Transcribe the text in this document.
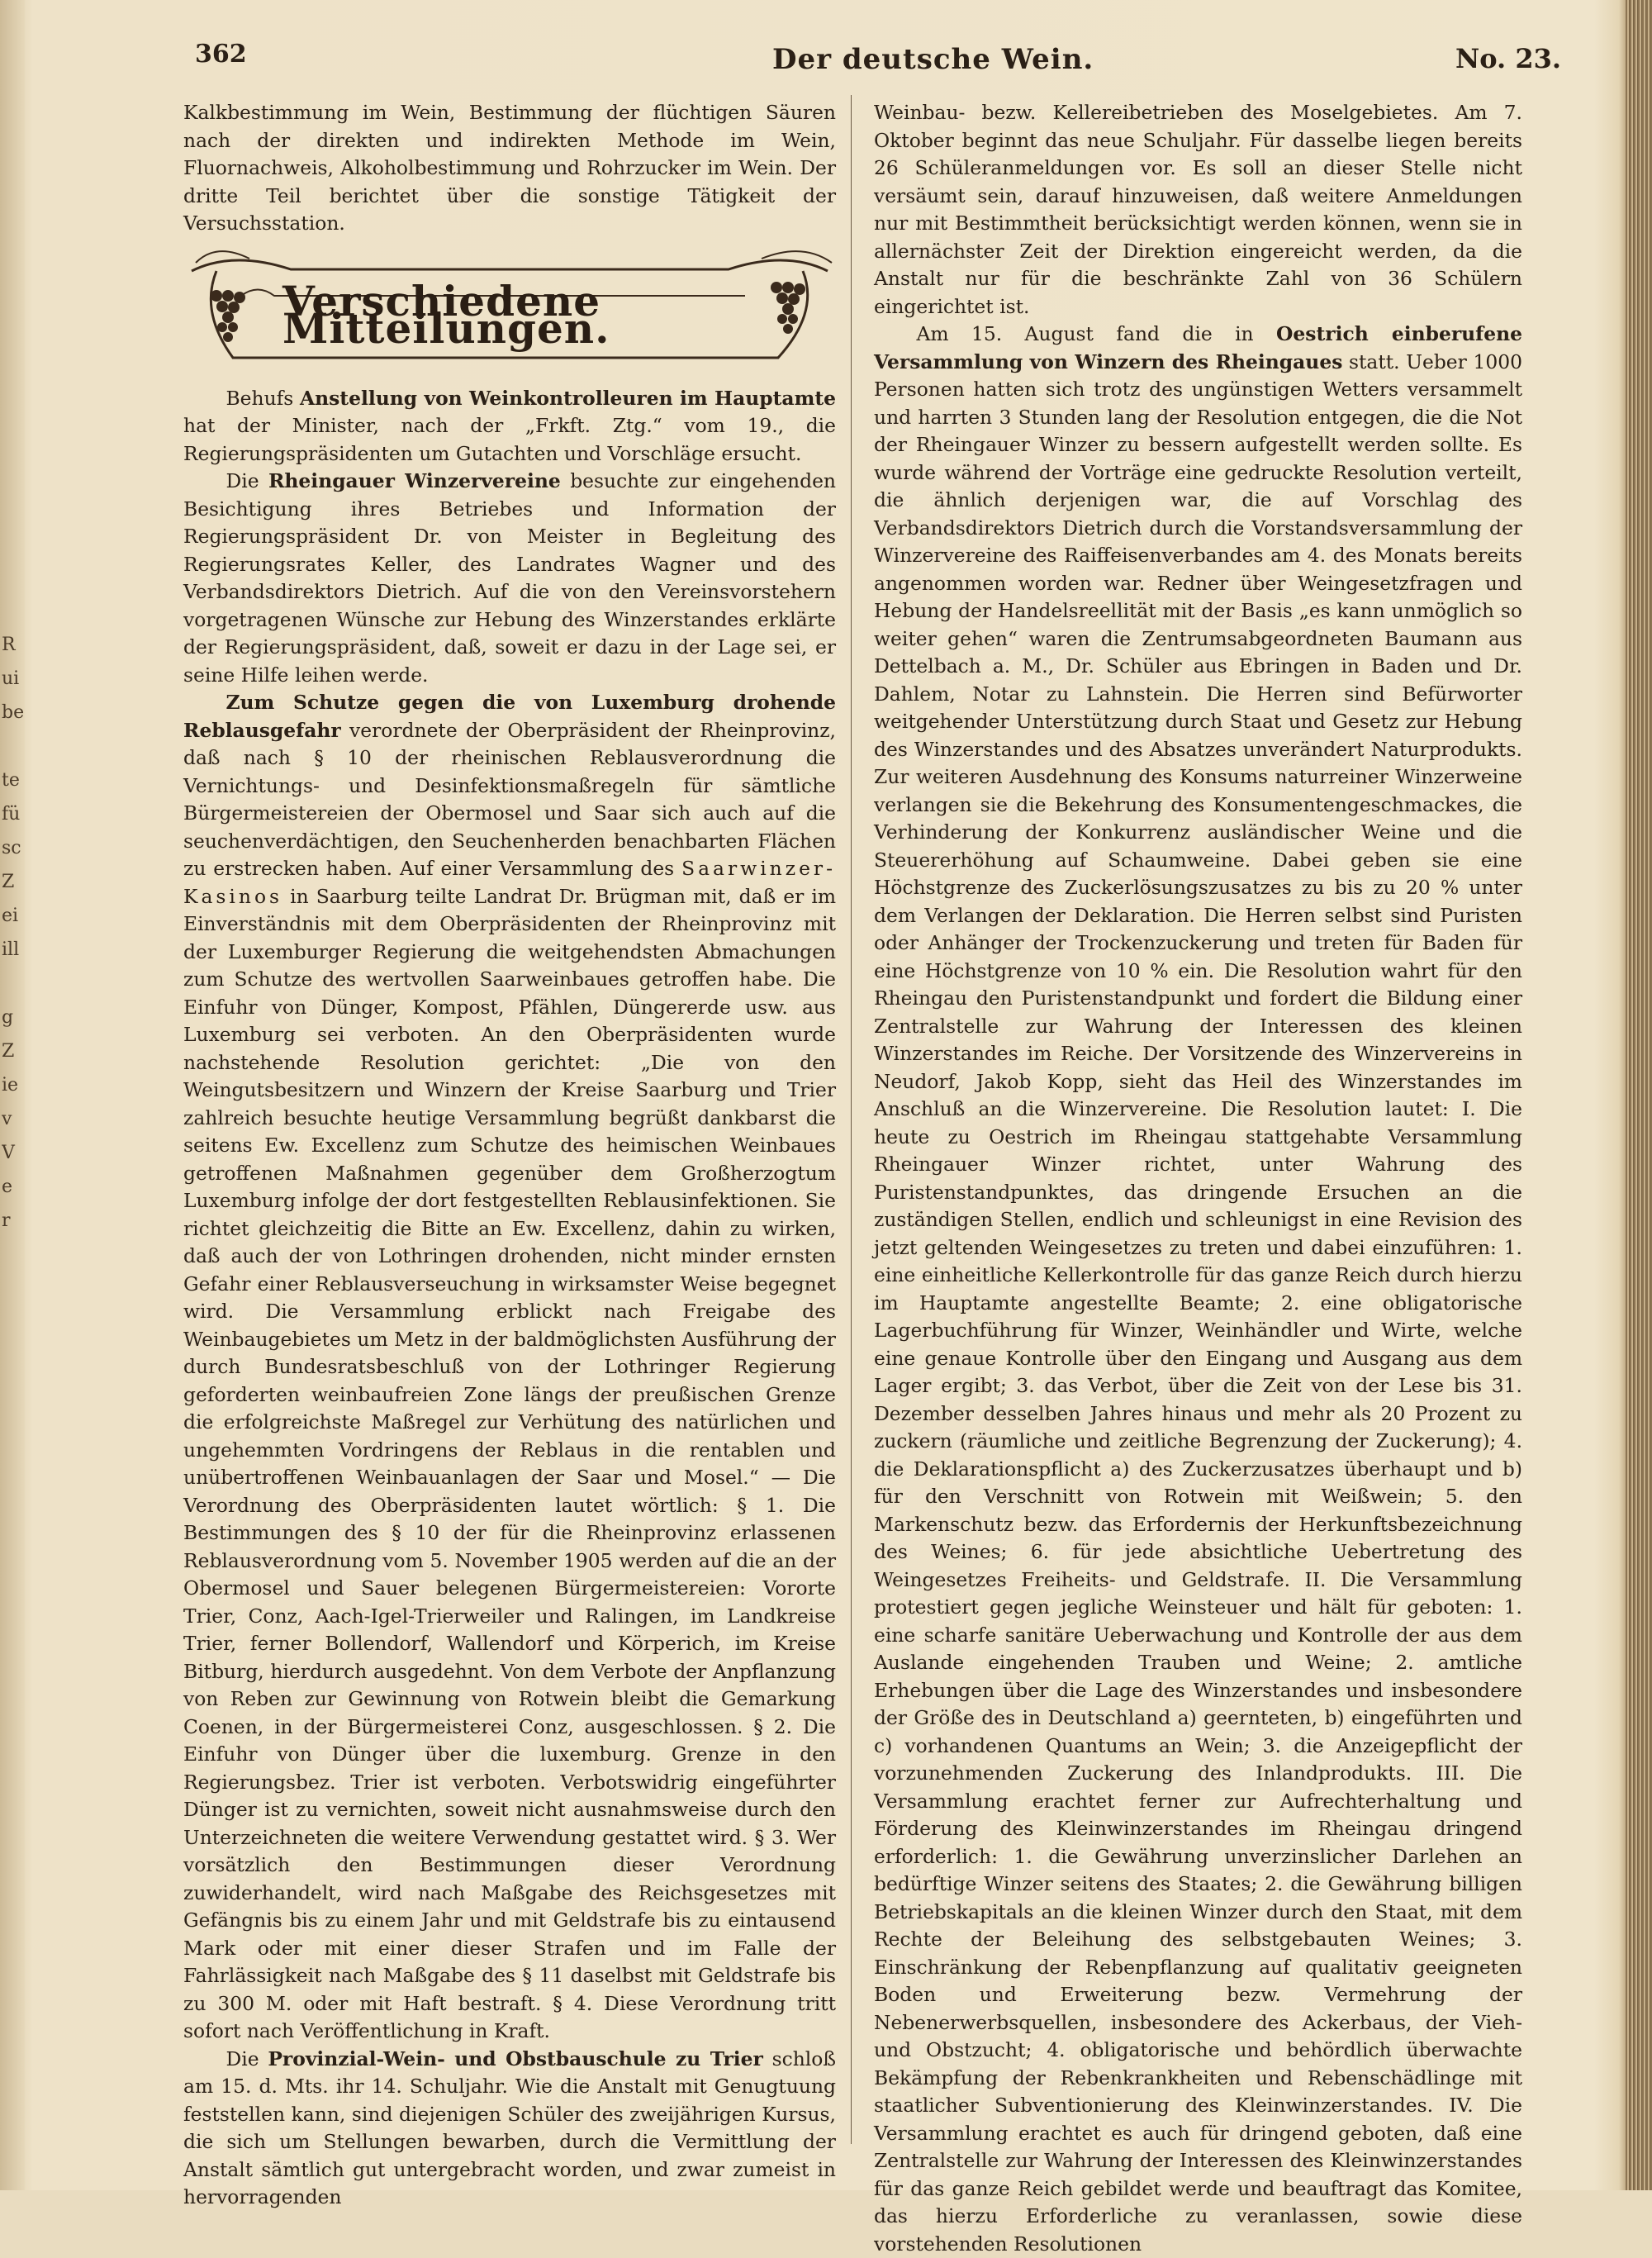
R
ui
be
te
fü
sc
Z
ei
ill
g
Z
ie
v
V
e
r
362	Der deutsche Wein.	No. 23.

Kalkbestimmung im Wein, Bestimmung der flüchtigen Säuren nach der direkten und indirekten Methode im Wein, Fluornachweis, Alkoholbestimmung und Rohrzucker im Wein. Der dritte Teil berichtet über die sonstige Tätigkeit der Versuchsstation.

Verschiedene Mitteilungen.

Behufs Anstellung von Weinkontrolleuren im Hauptamte hat der Minister, nach der „Frkft. Ztg.“ vom 19., die Regierungspräsidenten um Gutachten und Vorschläge ersucht.

Die Rheingauer Winzervereine besuchte zur eingehenden Besichtigung ihres Betriebes und Information der Regierungspräsident Dr. von Meister in Begleitung des Regierungsrates Keller, des Landrates Wagner und des Verbandsdirektors Dietrich. Auf die von den Vereinsvorstehern vorgetragenen Wünsche zur Hebung des Winzerstandes erklärte der Regierungspräsident, daß, soweit er dazu in der Lage sei, er seine Hilfe leihen werde.

Zum Schutze gegen die von Luxemburg drohende Reblausgefahr verordnete der Oberpräsident der Rheinprovinz, daß nach § 10 der rheinischen Reblausverordnung die Vernichtungs- und Desinfektionsmaßregeln für sämtliche Bürgermeistereien der Obermosel und Saar sich auch auf die seuchenverdächtigen, den Seuchenherden benachbarten Flächen zu erstrecken haben. Auf einer Versammlung des Saarwinzer-Kasinos in Saarburg teilte Landrat Dr. Brügman mit, daß er im Einverständnis mit dem Oberpräsidenten der Rheinprovinz mit der Luxemburger Regierung die weitgehendsten Abmachungen zum Schutze des wertvollen Saarweinbaues getroffen habe. Die Einfuhr von Dünger, Kompost, Pfählen, Düngererde usw. aus Luxemburg sei verboten. An den Oberpräsidenten wurde nachstehende Resolution gerichtet: „Die von den Weingutsbesitzern und Winzern der Kreise Saarburg und Trier zahlreich besuchte heutige Versammlung begrüßt dankbarst die seitens Ew. Excellenz zum Schutze des heimischen Weinbaues getroffenen Maßnahmen gegenüber dem Großherzogtum Luxemburg infolge der dort festgestellten Reblausinfektionen. Sie richtet gleichzeitig die Bitte an Ew. Excellenz, dahin zu wirken, daß auch der von Lothringen drohenden, nicht minder ernsten Gefahr einer Reblausverseuchung in wirksamster Weise begegnet wird. Die Versammlung erblickt nach Freigabe des Weinbaugebietes um Metz in der baldmöglichsten Ausführung der durch Bundesratsbeschluß von der Lothringer Regierung geforderten weinbaufreien Zone längs der preußischen Grenze die erfolgreichste Maßregel zur Verhütung des natürlichen und ungehemmten Vordringens der Reblaus in die rentablen und unübertroffenen Weinbauanlagen der Saar und Mosel.“ — Die Verordnung des Oberpräsidenten lautet wörtlich: § 1. Die Bestimmungen des § 10 der für die Rheinprovinz erlassenen Reblausverordnung vom 5. November 1905 werden auf die an der Obermosel und Sauer belegenen Bürgermeistereien: Vororte Trier, Conz, Aach-Igel-Trierweiler und Ralingen, im Landkreise Trier, ferner Bollendorf, Wallendorf und Körperich, im Kreise Bitburg, hierdurch ausgedehnt. Von dem Verbote der Anpflanzung von Reben zur Gewinnung von Rotwein bleibt die Gemarkung Coenen, in der Bürgermeisterei Conz, ausgeschlossen. § 2. Die Einfuhr von Dünger über die luxemburg. Grenze in den Regierungsbez. Trier ist verboten. Verbotswidrig eingeführter Dünger ist zu vernichten, soweit nicht ausnahmsweise durch den Unterzeichneten die weitere Verwendung gestattet wird. § 3. Wer vorsätzlich den Bestimmungen dieser Verordnung zuwiderhandelt, wird nach Maßgabe des Reichsgesetzes mit Gefängnis bis zu einem Jahr und mit Geldstrafe bis zu eintausend Mark oder mit einer dieser Strafen und im Falle der Fahrlässigkeit nach Maßgabe des § 11 daselbst mit Geldstrafe bis zu 300 M. oder mit Haft bestraft. § 4. Diese Verordnung tritt sofort nach Veröffentlichung in Kraft.

Die Provinzial-Wein- und Obstbauschule zu Trier schloß am 15. d. Mts. ihr 14. Schuljahr. Wie die Anstalt mit Genugtuung feststellen kann, sind diejenigen Schüler des zweijährigen Kursus, die sich um Stellungen bewarben, durch die Vermittlung der Anstalt sämtlich gut untergebracht worden, und zwar zumeist in hervorragenden

Weinbau- bezw. Kellereibetrieben des Moselgebietes. Am 7. Oktober beginnt das neue Schuljahr. Für dasselbe liegen bereits 26 Schüleranmeldungen vor. Es soll an dieser Stelle nicht versäumt sein, darauf hinzuweisen, daß weitere Anmeldungen nur mit Bestimmtheit berücksichtigt werden können, wenn sie in allernächster Zeit der Direktion eingereicht werden, da die Anstalt nur für die beschränkte Zahl von 36 Schülern eingerichtet ist.

Am 15. August fand die in Oestrich einberufene Versammlung von Winzern des Rheingaues statt. Ueber 1000 Personen hatten sich trotz des ungünstigen Wetters versammelt und harrten 3 Stunden lang der Resolution entgegen, die die Not der Rheingauer Winzer zu bessern aufgestellt werden sollte. Es wurde während der Vorträge eine gedruckte Resolution verteilt, die ähnlich derjenigen war, die auf Vorschlag des Verbandsdirektors Dietrich durch die Vorstandsversammlung der Winzervereine des Raiffeisenverbandes am 4. des Monats bereits angenommen worden war. Redner über Weingesetzfragen und Hebung der Handelsreellität mit der Basis „es kann unmöglich so weiter gehen“ waren die Zentrumsabgeordneten Baumann aus Dettelbach a. M., Dr. Schüler aus Ebringen in Baden und Dr. Dahlem, Notar zu Lahnstein. Die Herren sind Befürworter weitgehender Unterstützung durch Staat und Gesetz zur Hebung des Winzerstandes und des Absatzes unverändert Naturprodukts. Zur weiteren Ausdehnung des Konsums naturreiner Winzerweine verlangen sie die Bekehrung des Konsumentengeschmackes, die Verhinderung der Konkurrenz ausländischer Weine und die Steuererhöhung auf Schaumweine. Dabei geben sie eine Höchstgrenze des Zuckerlösungszusatzes zu bis zu 20 % unter dem Verlangen der Deklaration. Die Herren selbst sind Puristen oder Anhänger der Trockenzuckerung und treten für Baden für eine Höchstgrenze von 10 % ein. Die Resolution wahrt für den Rheingau den Puristenstandpunkt und fordert die Bildung einer Zentralstelle zur Wahrung der Interessen des kleinen Winzerstandes im Reiche. Der Vorsitzende des Winzervereins in Neudorf, Jakob Kopp, sieht das Heil des Winzerstandes im Anschluß an die Winzervereine. Die Resolution lautet: I. Die heute zu Oestrich im Rheingau stattgehabte Versammlung Rheingauer Winzer richtet, unter Wahrung des Puristenstandpunktes, das dringende Ersuchen an die zuständigen Stellen, endlich und schleunigst in eine Revision des jetzt geltenden Weingesetzes zu treten und dabei einzuführen: 1. eine einheitliche Kellerkontrolle für das ganze Reich durch hierzu im Hauptamte angestellte Beamte; 2. eine obligatorische Lagerbuchführung für Winzer, Weinhändler und Wirte, welche eine genaue Kontrolle über den Eingang und Ausgang aus dem Lager ergibt; 3. das Verbot, über die Zeit von der Lese bis 31. Dezember desselben Jahres hinaus und mehr als 20 Prozent zu zuckern (räumliche und zeitliche Begrenzung der Zuckerung); 4. die Deklarationspflicht a) des Zuckerzusatzes überhaupt und b) für den Verschnitt von Rotwein mit Weißwein; 5. den Markenschutz bezw. das Erfordernis der Herkunftsbezeichnung des Weines; 6. für jede absichtliche Uebertretung des Weingesetzes Freiheits- und Geldstrafe. II. Die Versammlung protestiert gegen jegliche Weinsteuer und hält für geboten: 1. eine scharfe sanitäre Ueberwachung und Kontrolle der aus dem Auslande eingehenden Trauben und Weine; 2. amtliche Erhebungen über die Lage des Winzerstandes und insbesondere der Größe des in Deutschland a) geernteten, b) eingeführten und c) vorhandenen Quantums an Wein; 3. die Anzeigepflicht der vorzunehmenden Zuckerung des Inlandprodukts. III. Die Versammlung erachtet ferner zur Aufrechterhaltung und Förderung des Kleinwinzerstandes im Rheingau dringend erforderlich: 1. die Gewährung unverzinslicher Darlehen an bedürftige Winzer seitens des Staates; 2. die Gewährung billigen Betriebskapitals an die kleinen Winzer durch den Staat, mit dem Rechte der Beleihung des selbstgebauten Weines; 3. Einschränkung der Rebenpflanzung auf qualitativ geeigneten Boden und Erweiterung bezw. Vermehrung der Nebenerwerbsquellen, insbesondere des Ackerbaus, der Vieh- und Obstzucht; 4. obligatorische und behördlich überwachte Bekämpfung der Rebenkrankheiten und Rebenschädlinge mit staatlicher Subventionierung des Kleinwinzerstandes. IV. Die Versammlung erachtet es auch für dringend geboten, daß eine Zentralstelle zur Wahrung der Interessen des Kleinwinzerstandes für das ganze Reich gebildet werde und beauftragt das Komitee, das hierzu Erforderliche zu veranlassen, sowie diese vorstehenden Resolutionen
